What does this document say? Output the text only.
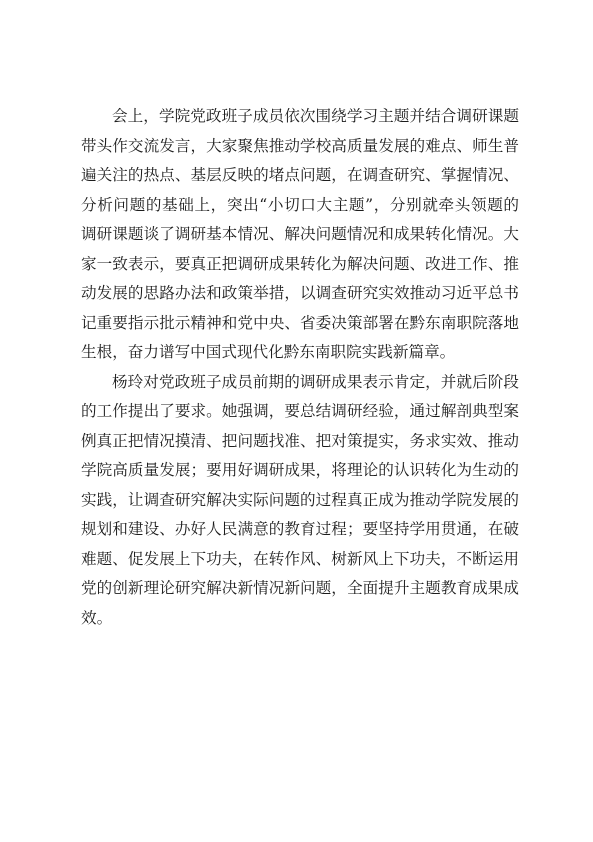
会上，学院党政班子成员依次围绕学习主题并结合调研课题
带头作交流发言，大家聚焦推动学校高质量发展的难点、师生普
遍关注的热点、基层反映的堵点问题，在调查研究、掌握情况、
分析问题的基础上，突出“小切口大主题”，分别就牵头领题的
调研课题谈了调研基本情况、解决问题情况和成果转化情况。大
家一致表示，要真正把调研成果转化为解决问题、改进工作、推
动发展的思路办法和政策举措，以调查研究实效推动习近平总书
记重要指示批示精神和党中央、省委决策部署在黔东南职院落地
生根，奋力谱写中国式现代化黔东南职院实践新篇章。

杨玲对党政班子成员前期的调研成果表示肯定，并就后阶段
的工作提出了要求。她强调，要总结调研经验，通过解剖典型案
例真正把情况摸清、把问题找准、把对策提实，务求实效、推动
学院高质量发展；要用好调研成果，将理论的认识转化为生动的
实践，让调查研究解决实际问题的过程真正成为推动学院发展的
规划和建设、办好人民满意的教育过程；要坚持学用贯通，在破
难题、促发展上下功夫，在转作风、树新风上下功夫，不断运用
党的创新理论研究解决新情况新问题，全面提升主题教育成果成
效。
